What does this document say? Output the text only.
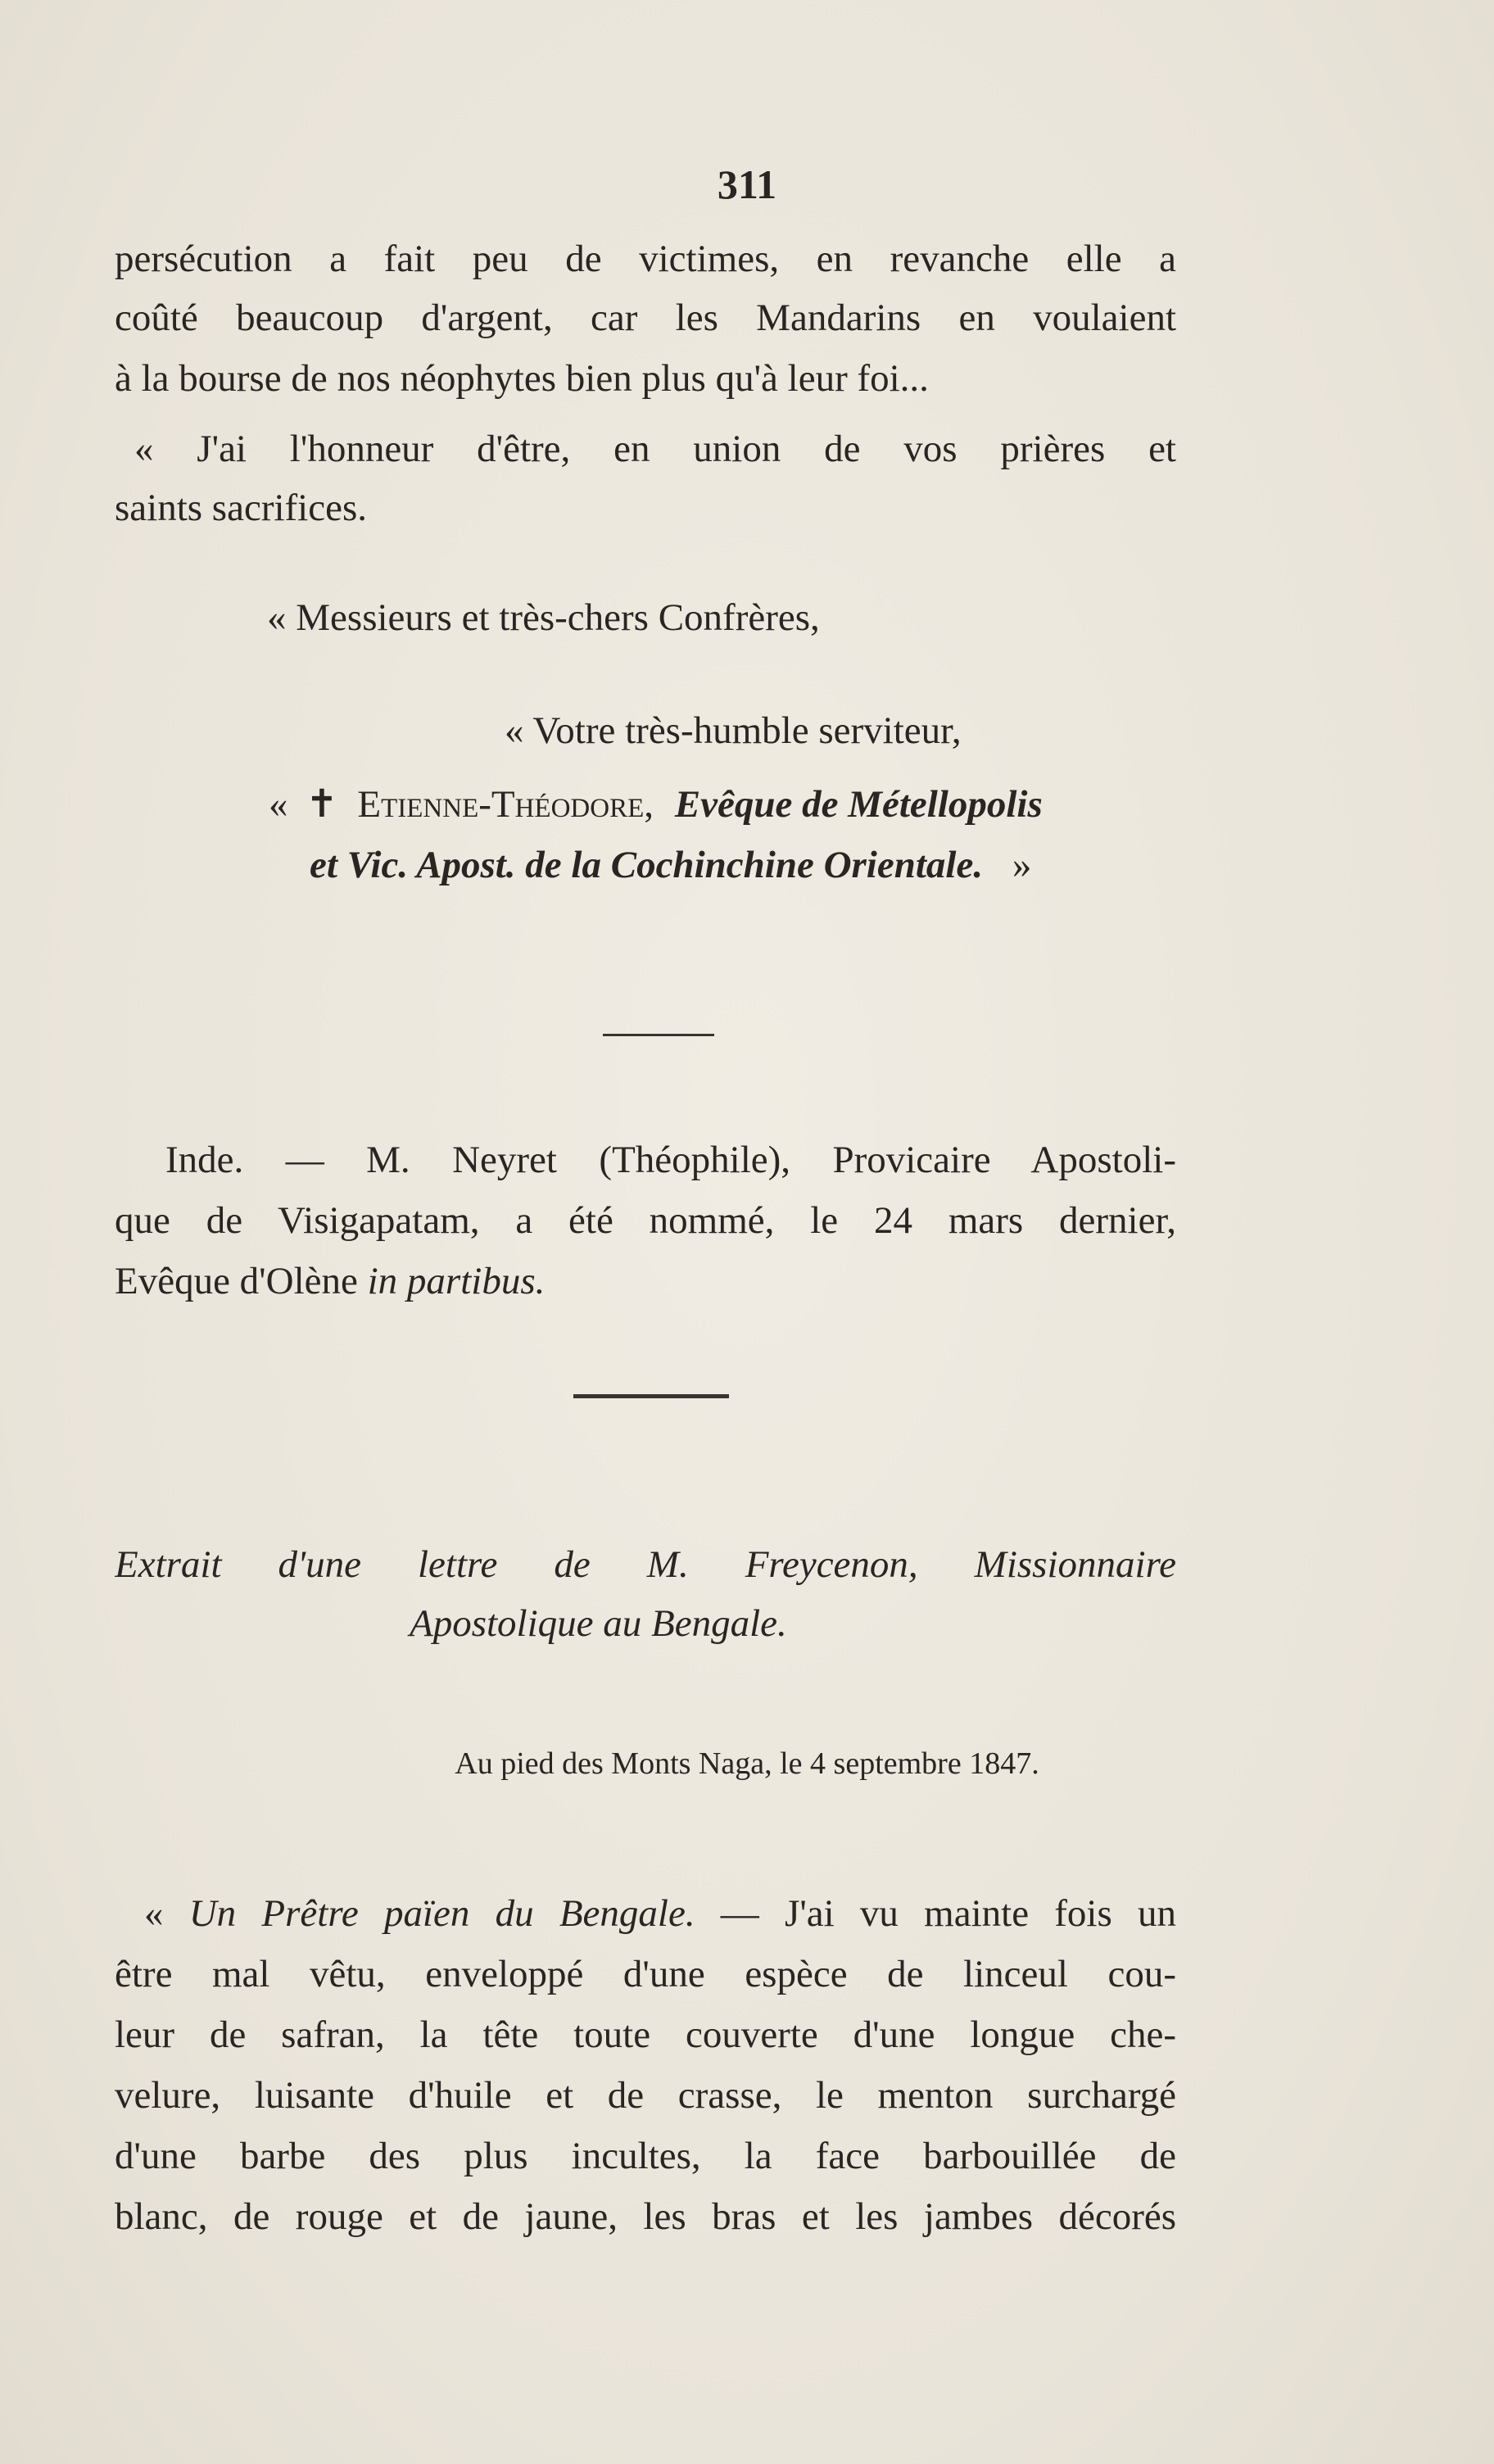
311
persécution a fait peu de victimes, en revanche elle a
coûté beaucoup d'argent, car les Mandarins en voulaient
à la bourse de nos néophytes bien plus qu'à leur foi...
« J'ai l'honneur d'être, en union de vos prières et
saints sacrifices.
« Messieurs et très-chers Confrères,
« Votre très-humble serviteur,
« ✝ Etienne-Théodore, Evêque de Métellopolis
et Vic. Apost. de la Cochinchine Orientale. »
Inde. — M. Neyret (Théophile), Provicaire Apostoli-
que de Visigapatam, a été nommé, le 24 mars dernier,
Evêque d'Olène in partibus.
Extrait d'une lettre de M. Freycenon, Missionnaire
Apostolique au Bengale.
Au pied des Monts Naga, le 4 septembre 1847.
« Un Prêtre païen du Bengale. — J'ai vu mainte fois un
être mal vêtu, enveloppé d'une espèce de linceul cou-
leur de safran, la tête toute couverte d'une longue che-
velure, luisante d'huile et de crasse, le menton surchargé
d'une barbe des plus incultes, la face barbouillée de
blanc, de rouge et de jaune, les bras et les jambes décorés
